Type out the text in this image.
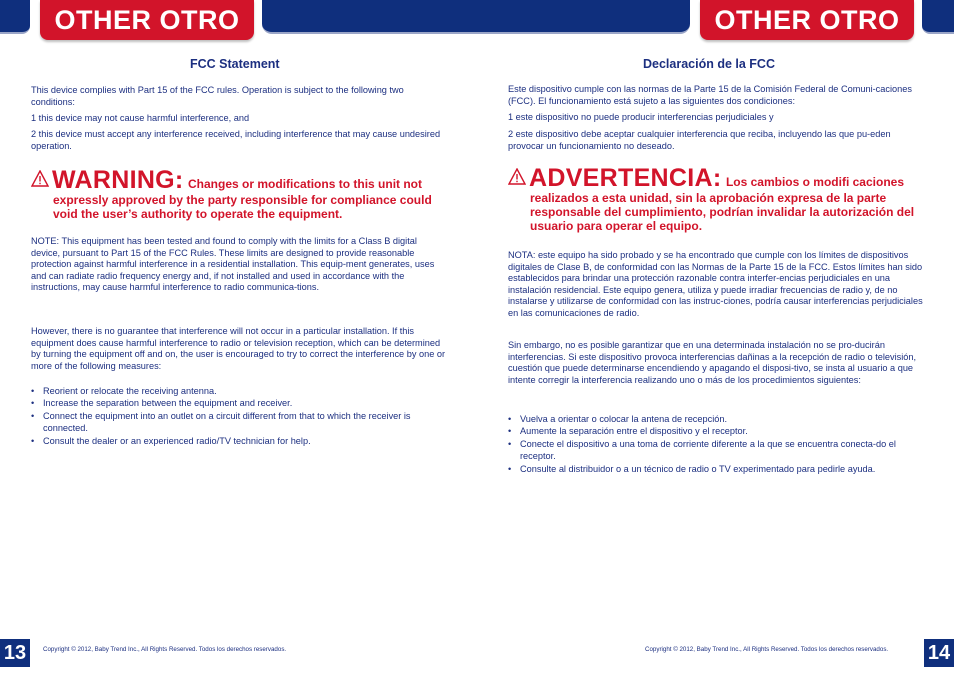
OTHER OTRO	OTHER OTRO
FCC Statement

This device complies with Part 15 of the FCC rules. Operation is subject to the following two conditions:

1 this device may not cause harmful interference, and

2 this device must accept any interference received, including interference that may cause undesired operation.

WARNING: Changes or modifications to this unit not
expressly approved by the party responsible for compliance could void the user’s authority to operate the equipment.

NOTE: This equipment has been tested and found to comply with the limits for a Class B digital device, pursuant to Part 15 of the FCC Rules. These limits are designed to provide reasonable protection against harmful interference in a residential installation. This equip-ment generates, uses and can radiate radio frequency energy and, if not installed and used in accordance with the instructions, may cause harmful interference to radio communica-tions.

However, there is no guarantee that interference will not occur in a particular installation. If this equipment does cause harmful interference to radio or television reception, which can be determined by turning the equipment off and on, the user is encouraged to try to correct the interference by one or more of the following measures:

• Reorient or relocate the receiving antenna.
• Increase the separation between the equipment and receiver.
• Connect the equipment into an outlet on a circuit different from that to which the receiver is connected.
• Consult the dealer or an experienced radio/TV technician for help.
13	Copyright © 2012, Baby Trend Inc., All Rights Reserved. Todos los derechos reservados.
Declaración de la FCC

Este dispositivo cumple con las normas de la Parte 15 de la Comisión Federal de Comuni-caciones (FCC). El funcionamiento está sujeto a las siguientes dos condiciones:

1 este dispositivo no puede producir interferencias perjudiciales y

2 este dispositivo debe aceptar cualquier interferencia que reciba, incluyendo las que pu-eden provocar un funcionamiento no deseado.

ADVERTENCIA: Los cambios o modifi caciones
realizados a esta unidad, sin la aprobación expresa de la parte responsable del cumplimiento, podrían invalidar la autorización del usuario para operar el equipo.

NOTA: este equipo ha sido probado y se ha encontrado que cumple con los límites de dispositivos digitales de Clase B, de conformidad con las Normas de la Parte 15 de la FCC. Estos límites han sido establecidos para brindar una protección razonable contra interfer-encias perjudiciales en una instalación residencial. Este equipo genera, utiliza y puede irradiar frecuencias de radio y, de no instalarse y utilizarse de conformidad con las instruc-ciones, podría causar interferencias perjudiciales en las comunicaciones de radio.

Sin embargo, no es posible garantizar que en una determinada instalación no se pro-ducirán interferencias. Si este dispositivo provoca interferencias dañinas a la recepción de radio o televisión, cuestión que puede determinarse encendiendo y apagando el disposi-tivo, se insta al usuario a que intente corregir la interferencia realizando uno o más de los procedimientos siguientes:

• Vuelva a orientar o colocar la antena de recepción.
• Aumente la separación entre el dispositivo y el receptor.
• Conecte el dispositivo a una toma de corriente diferente a la que se encuentra conecta-do el receptor.
• Consulte al distribuidor o a un técnico de radio o TV experimentado para pedirle ayuda.
14
Copyright © 2012, Baby Trend Inc., All Rights Reserved. Todos los derechos reservados.
